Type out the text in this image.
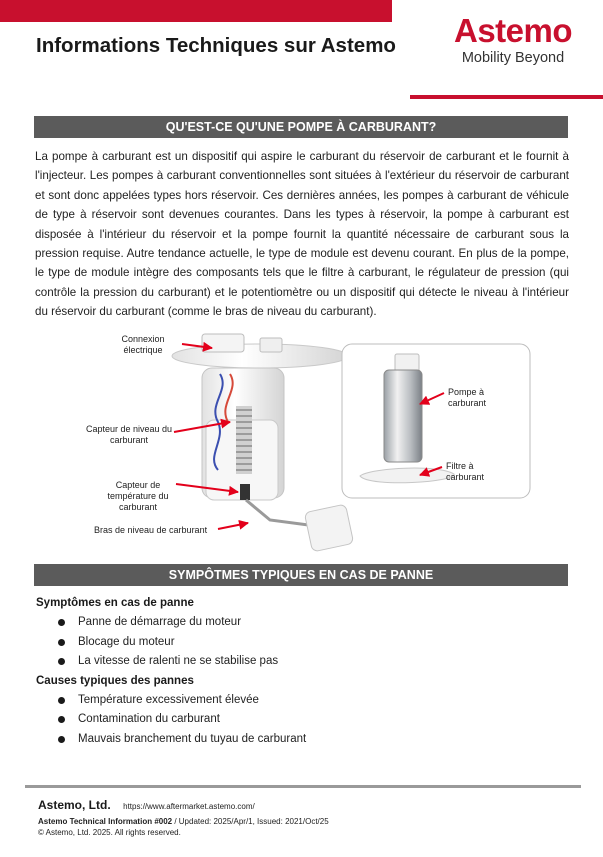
Informations Techniques sur Astemo	Astemo
Mobility Beyond
QU'EST-CE QU'UNE POMPE À CARBURANT?

La pompe à carburant est un dispositif qui aspire le carburant du réservoir de carburant et le fournit à l'injecteur. Les pompes à carburant conventionnelles sont situées à l'extérieur du réservoir de carburant et sont donc appelées types hors réservoir. Ces dernières années, les pompes à carburant de véhicule de type à réservoir sont devenues courantes. Dans les types à réservoir, la pompe à carburant est disposée à l'intérieur du réservoir et la pompe fournit la quantité nécessaire de carburant sous la pression requise. Autre tendance actuelle, le type de module est devenu courant. En plus de la pompe, le type de module intègre des composants tels que le filtre à carburant, le régulateur de pression (qui contrôle la pression du carburant) et le potentiomètre ou un dispositif qui détecte le niveau à l'intérieur du réservoir du carburant (comme le bras de niveau du carburant).

Connexion électrique
Capteur de niveau du carburant
Capteur de température du carburant
Bras de niveau de carburant
Pompe à carburant
Filtre à carburant
SYMPÔTMES TYPIQUES EN CAS DE PANNE
Symptômes en cas de panne
Panne de démarrage du moteur
Blocage du moteur
La vitesse de ralenti ne se stabilise pas
Causes typiques des pannes
Température excessivement élevée
Contamination du carburant
Mauvais branchement du tuyau de carburant
Astemo, Ltd. https://www.aftermarket.astemo.com/
Astemo Technical Information #002 / Updated: 2025/Apr/1, Issued: 2021/Oct/25
© Astemo, Ltd. 2025. All rights reserved.
